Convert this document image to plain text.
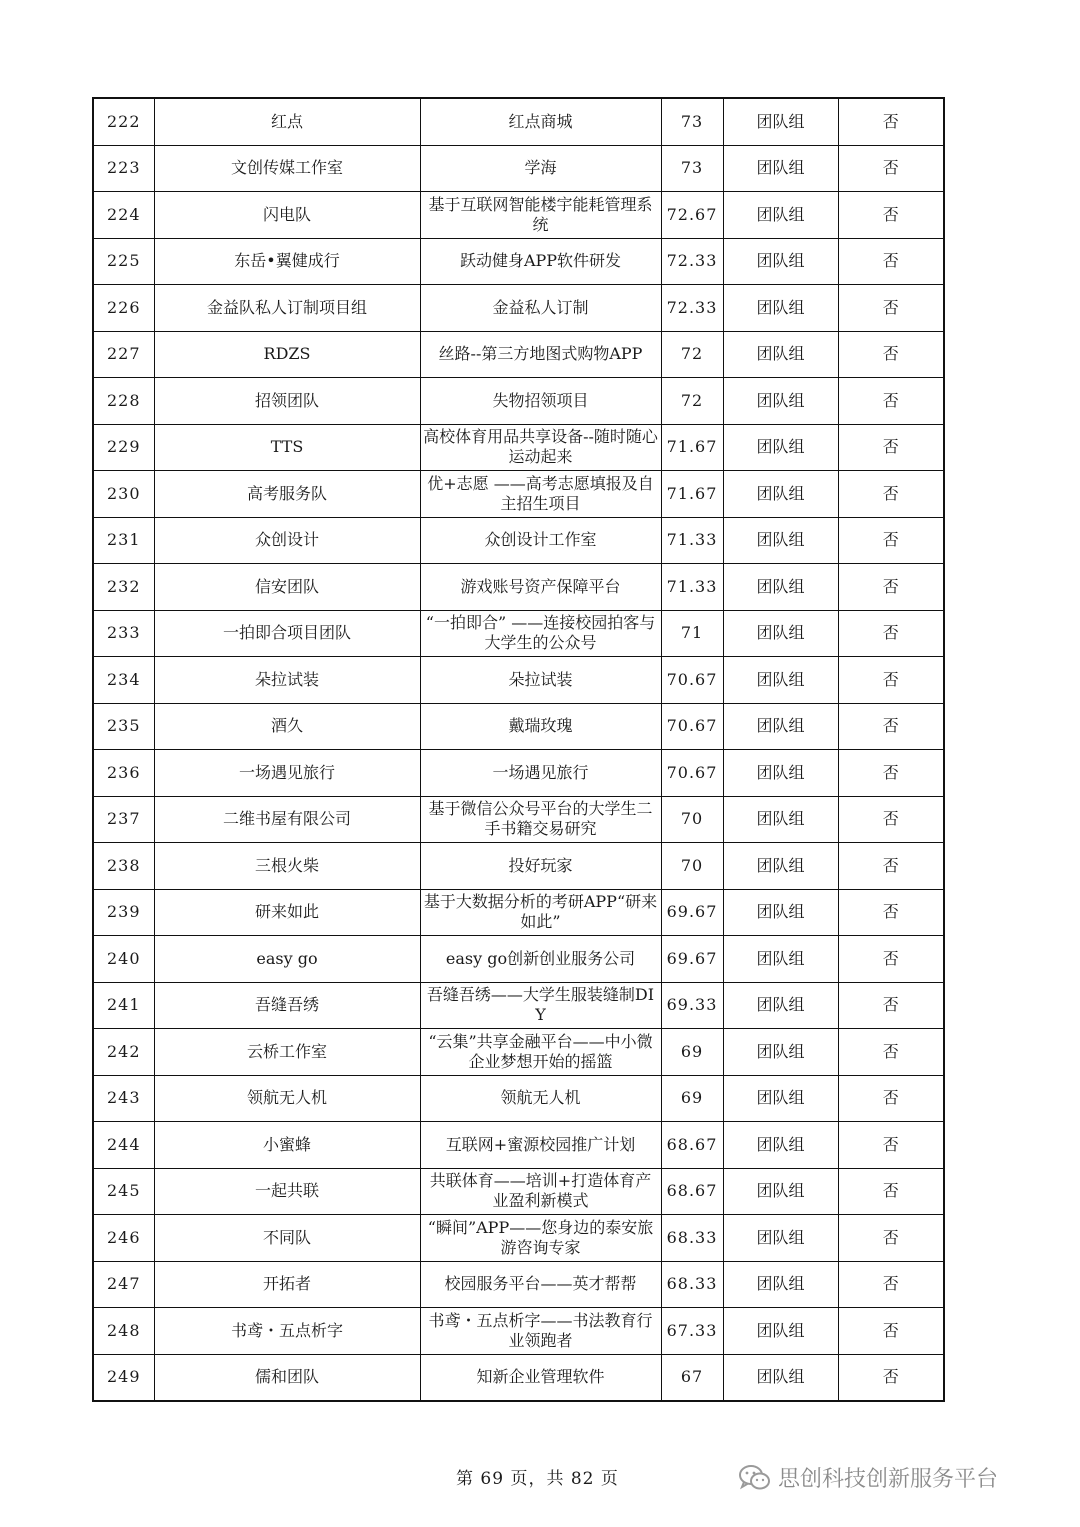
222	红点	红点商城	73	团队组	否
223	文创传媒工作室	学海	73	团队组	否
224	闪电队	基于互联网智能楼宇能耗管理系统	72.67	团队组	否
225	东岳•翼健成行	跃动健身APP软件研发	72.33	团队组	否
226	金益队私人订制项目组	金益私人订制	72.33	团队组	否
227	RDZS	丝路--第三方地图式购物APP	72	团队组	否
228	招领团队	失物招领项目	72	团队组	否
229	TTS	高校体育用品共享设备--随时随心运动起来	71.67	团队组	否
230	高考服务队	优+志愿 ——高考志愿填报及自主招生项目	71.67	团队组	否
231	众创设计	众创设计工作室	71.33	团队组	否
232	信安团队	游戏账号资产保障平台	71.33	团队组	否
233	一拍即合项目团队	“一拍即合” ——连接校园拍客与大学生的公众号	71	团队组	否
234	朵拉试装	朵拉试装	70.67	团队组	否
235	酒久	戴瑞玫瑰	70.67	团队组	否
236	一场遇见旅行	一场遇见旅行	70.67	团队组	否
237	二维书屋有限公司	基于微信公众号平台的大学生二手书籍交易研究	70	团队组	否
238	三根火柴	投好玩家	70	团队组	否
239	研来如此	基于大数据分析的考研APP“研来如此”	69.67	团队组	否
240	easy go	easy go创新创业服务公司	69.67	团队组	否
241	吾缝吾绣	吾缝吾绣——大学生服装缝制DIY	69.33	团队组	否
242	云桥工作室	“云集”共享金融平台——中小微企业梦想开始的摇篮	69	团队组	否
243	领航无人机	领航无人机	69	团队组	否
244	小蜜蜂	互联网+蜜源校园推广计划	68.67	团队组	否
245	一起共联	共联体育——培训+打造体育产业盈利新模式	68.67	团队组	否
246	不同队	“瞬间”APP——您身边的泰安旅游咨询专家	68.33	团队组	否
247	开拓者	校园服务平台——英才帮帮	68.33	团队组	否
248	书鸢・五点析字	书鸢・五点析字——书法教育行业领跑者	67.33	团队组	否
249	儒和团队	知新企业管理软件	67	团队组	否
第 69 页，共 82 页	思创科技创新服务平台
